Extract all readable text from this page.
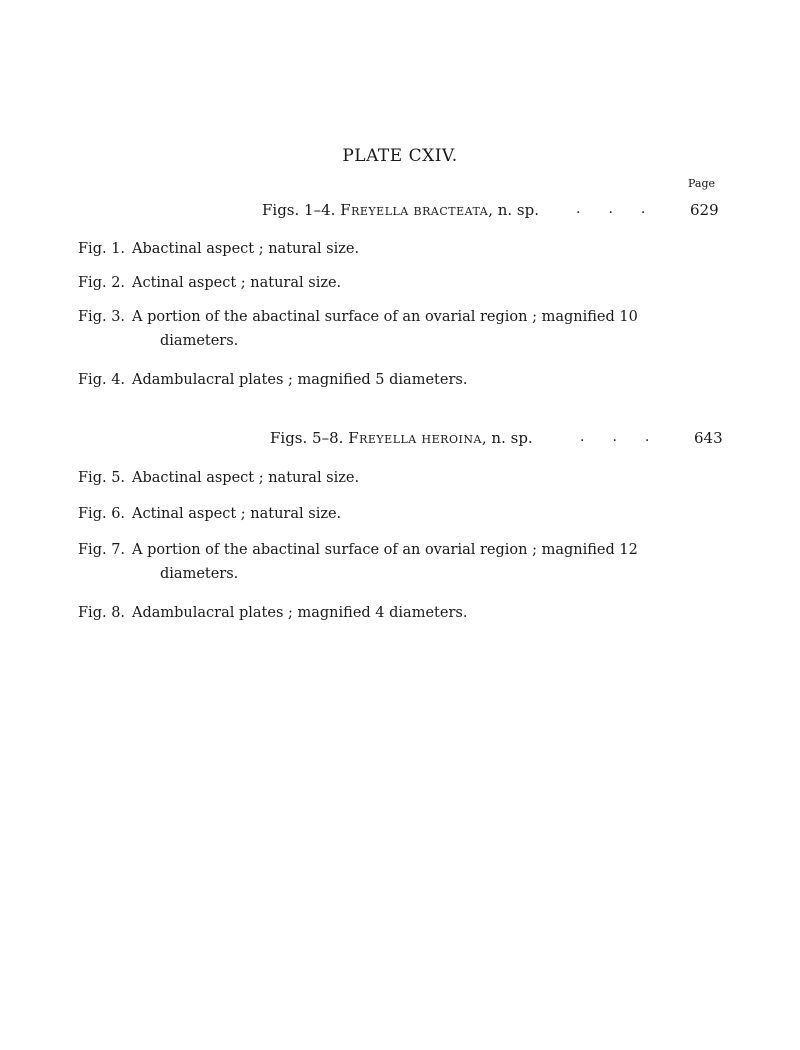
PLATE CXIV.
Page
Figs. 1–4. Freyella bracteata, n. sp.	... 629
Fig. 1. Abactinal aspect ; natural size.
Fig. 2. Actinal aspect ; natural size.
Fig. 3. A portion of the abactinal surface of an ovarial region ; magnified 10
diameters.
Fig. 4. Adambulacral plates ; magnified 5 diameters.
Figs. 5–8. Freyella heroina, n. sp.	... 643
Fig. 5. Abactinal aspect ; natural size.
Fig. 6. Actinal aspect ; natural size.
Fig. 7. A portion of the abactinal surface of an ovarial region ; magnified 12
diameters.
Fig. 8. Adambulacral plates ; magnified 4 diameters.
